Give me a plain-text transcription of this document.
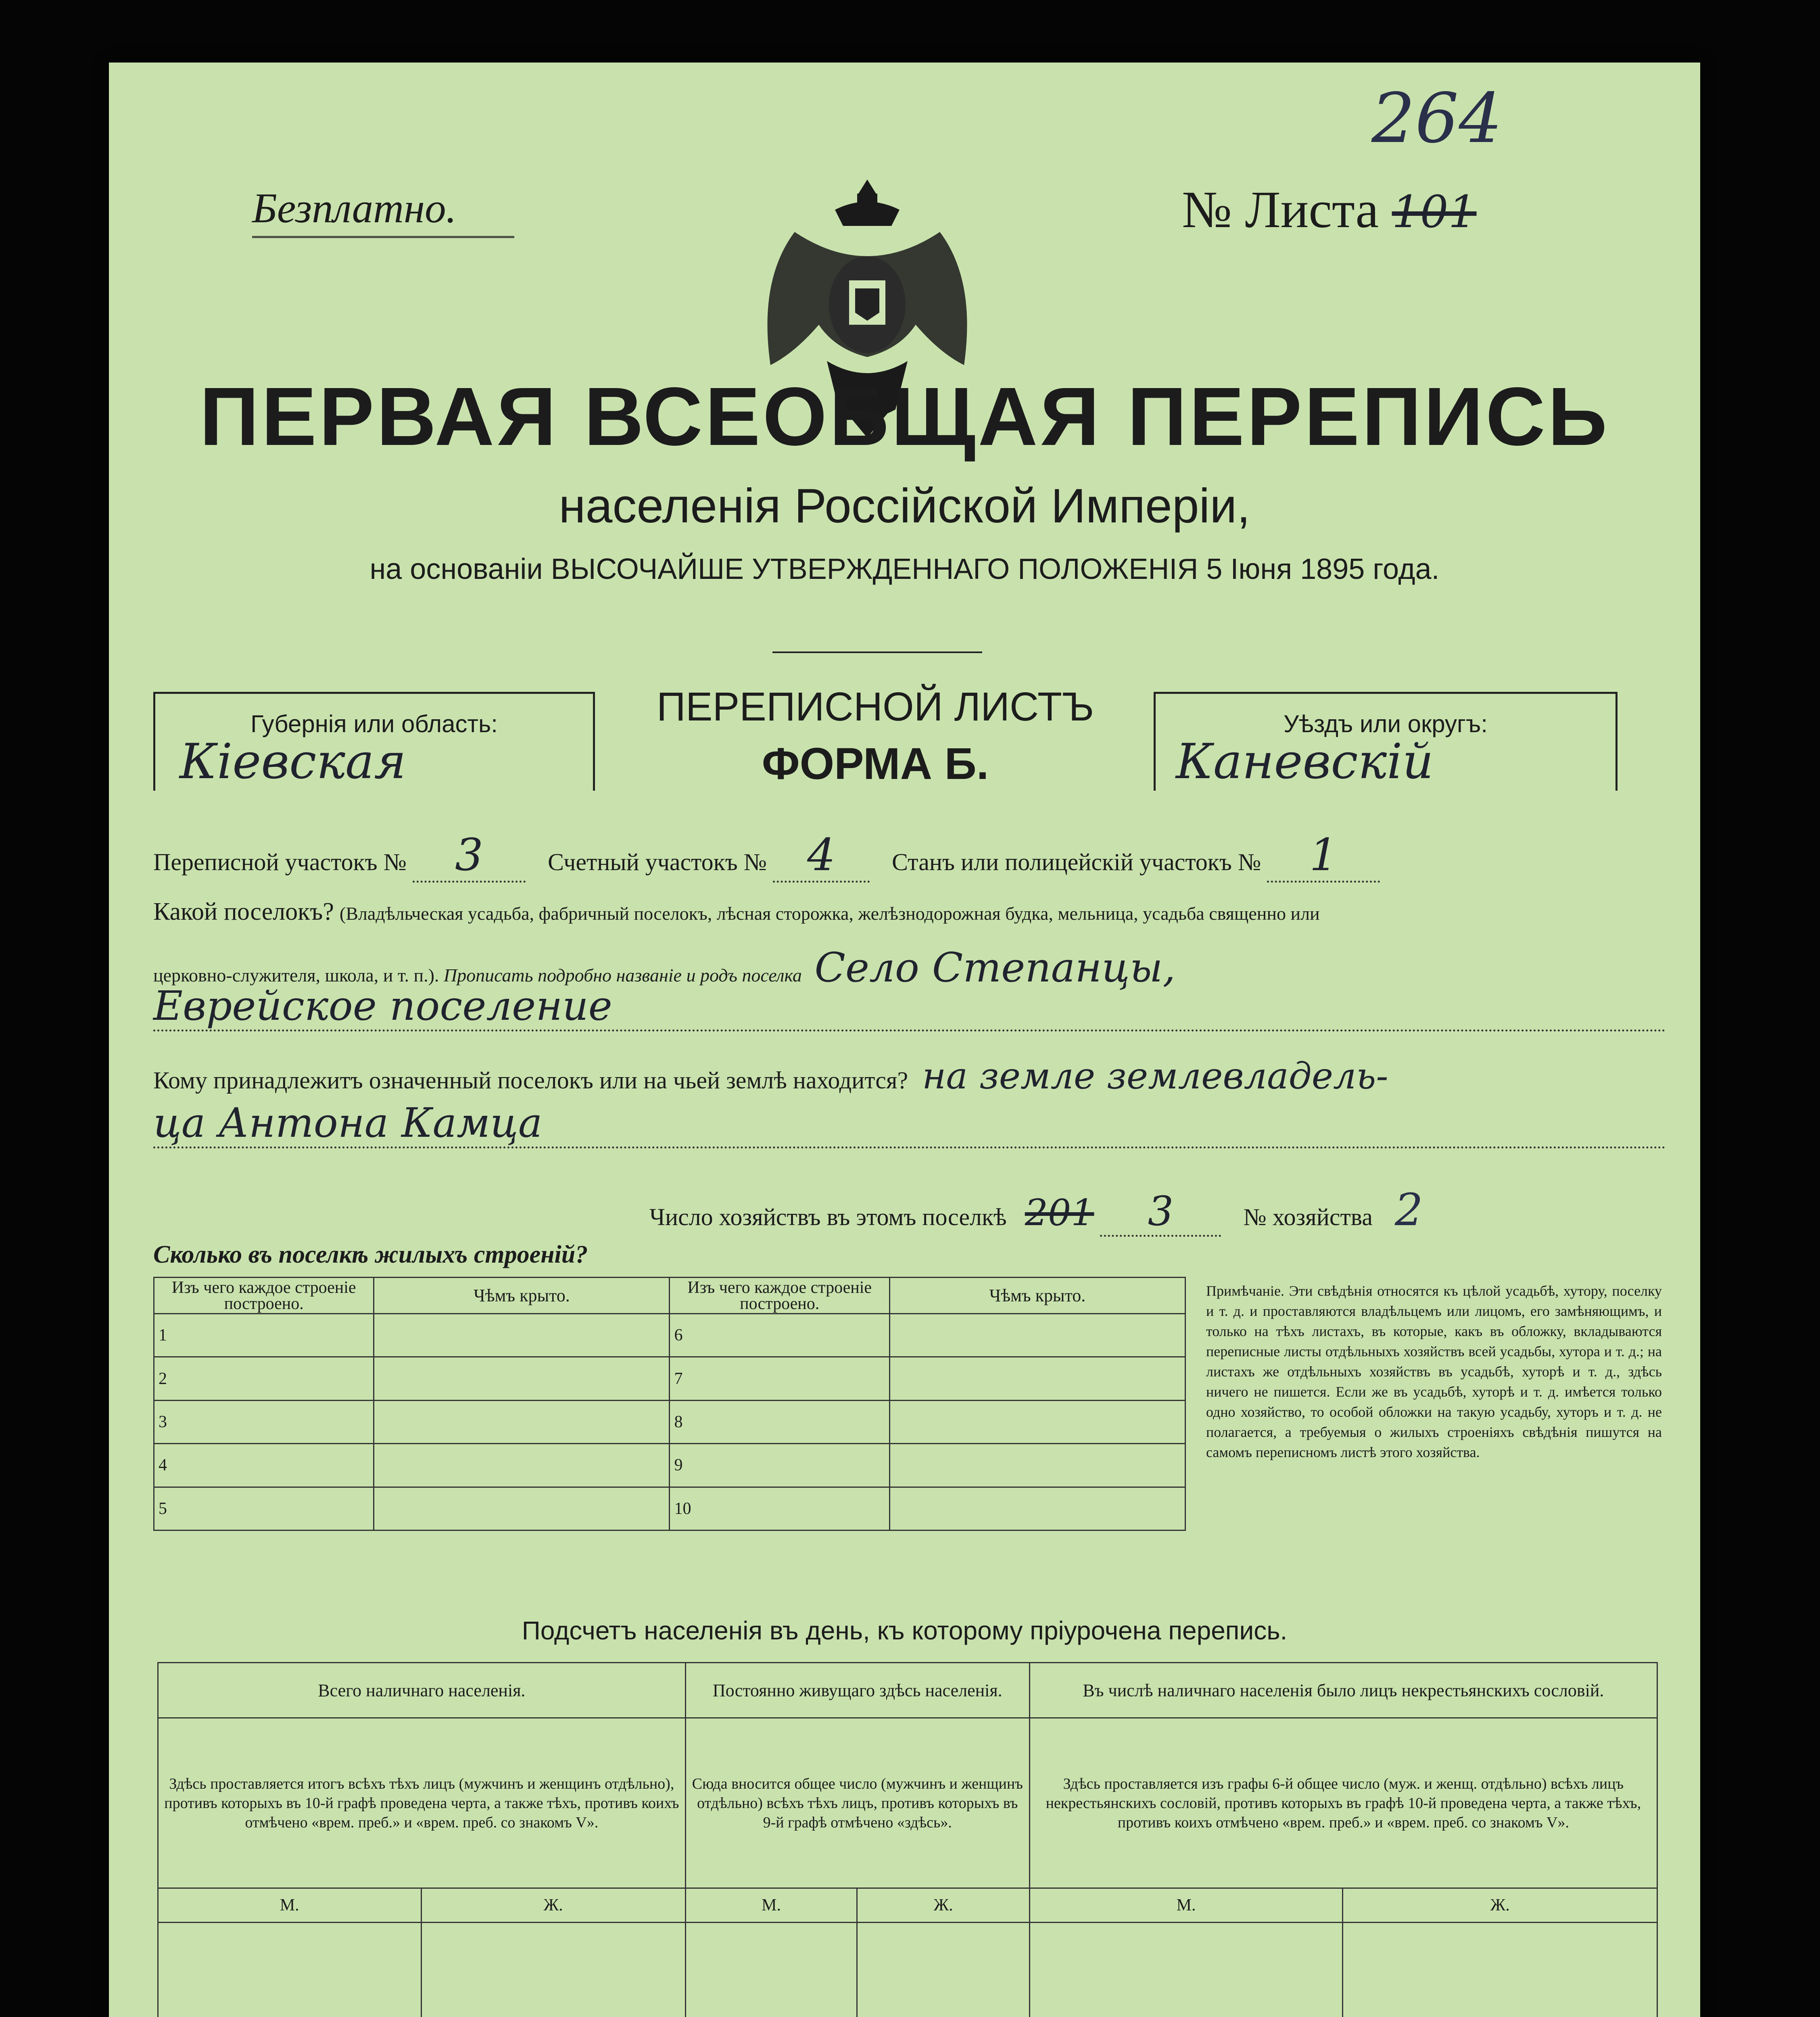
264
Безплатно.	№ Листа 101
ПЕРВАЯ ВСЕОБЩАЯ ПЕРЕПИСЬ
населенія Россійской Имперіи,
на основаніи ВЫСОЧАЙШЕ УТВЕРЖДЕННАГО ПОЛОЖЕНІЯ 5 Іюня 1895 года.
Губернія или область:
Кіевская
ПЕРЕПИСНОЙ ЛИСТЪ
ФОРМА Б.
Уѣздъ или округъ:
Каневскій
Переписной участокъ № 3	Счетный участокъ № 4 Станъ или полицейскій участокъ № 1
Какой поселокъ? (Владѣльческая усадьба, фабричный поселокъ, лѣсная сторожка, желѣзнодорожная будка, мельница, усадьба священно или
церковно-служителя, школа, и т. п.). Прописать подробно названіе и родъ поселка Село Степанцы,
Еврейское поселение
Кому принадлежитъ означенный поселокъ или на чьей землѣ находится? на земле землевладель-
ца Антона Камца
Число хозяйствъ въ этомъ поселкѣ 201 3	№ хозяйства 2
Сколько въ поселкѣ жилыхъ строеній?
Изъ чего каждое строеніе построено.	Чѣмъ крыто.	Изъ чего каждое строеніе построено.	Чѣмъ крыто.
1		6	
2		7	
3		8	
4		9	
5		10	
Примѣчаніе. Эти свѣдѣнія относятся къ цѣлой усадьбѣ, хутору, поселку и т. д. и проставляются владѣльцемъ или лицомъ, его замѣняющимъ, и только на тѣхъ листахъ, въ которые, какъ въ обложку, вкладываются переписные листы отдѣльныхъ хозяйствъ всей усадьбы, хутора и т. д.; на листахъ же отдѣльныхъ хозяйствъ въ усадьбѣ, хуторѣ и т. д., здѣсь ничего не пишется. Если же въ усадьбѣ, хуторѣ и т. д. имѣется только одно хозяйство, то особой обложки на такую усадьбу, хуторъ и т. д. не полагается, а требуемыя о жилыхъ строеніяхъ свѣдѣнія пишутся на самомъ переписномъ листѣ этого хозяйства.
Подсчетъ населенія въ день, къ которому пріурочена перепись.
Всего наличнаго населенія.		Постоянно живущаго здѣсь населенія.		Въ числѣ наличнаго населенія было лицъ некрестьянскихъ сословій.	
Здѣсь проставляется итогъ всѣхъ тѣхъ лицъ (мужчинъ и женщинъ отдѣльно), противъ которыхъ въ 10-й графѣ проведена черта, а также тѣхъ, противъ коихъ отмѣчено «врем. преб.» и «врем. преб. со знакомъ V».		Сюда вносится общее число (мужчинъ и женщинъ отдѣльно) всѣхъ тѣхъ лицъ, противъ которыхъ въ 9-й графѣ отмѣчено «здѣсь».		Здѣсь проставляется изъ графы 6-й общее число (муж. и женщ. отдѣльно) всѣхъ лицъ некрестьянскихъ сословій, противъ которыхъ въ графѣ 10-й проведена черта, а также тѣхъ, противъ коихъ отмѣчено «врем. преб.» и «врем. преб. со знакомъ V».	
М.	Ж.	М.	Ж.	М.	Ж.
